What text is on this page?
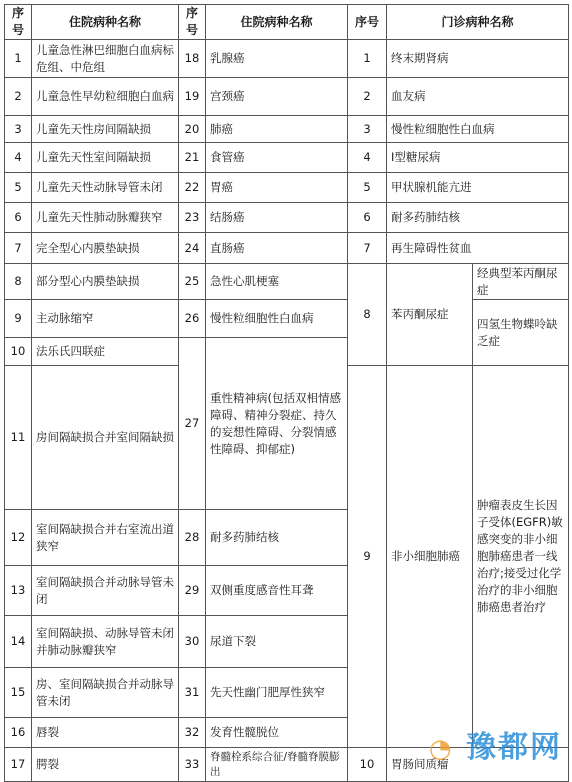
序号	住院病种名称	序号	住院病种名称	序号	门诊病种名称	
1	儿童急性淋巴细胞白血病标危组、中危组	18	乳腺癌	1	终末期肾病	
2	儿童急性早幼粒细胞白血病	19	宫颈癌	2	血友病	
3	儿童先天性房间隔缺损	20	肺癌	3	慢性粒细胞性白血病	
4	儿童先天性室间隔缺损	21	食管癌	4	I型糖尿病	
5	儿童先天性动脉导管未闭	22	胃癌	5	甲状腺机能亢进	
6	儿童先天性肺动脉瓣狭窄	23	结肠癌	6	耐多药肺结核	
7	完全型心内膜垫缺损	24	直肠癌	7	再生障碍性贫血	
8	部分型心内膜垫缺损	25	急性心肌梗塞	8	苯丙酮尿症	经典型苯丙酮尿症
9	主动脉缩窄	26	慢性粒细胞性白血病			四氢生物蝶呤缺乏症
10	法乐氏四联症	27	重性精神病(包括双相情感障碍、精神分裂症、持久的妄想性障碍、分裂情感性障碍、抑郁症)			
11	房间隔缺损合并室间隔缺损			9	非小细胞肺癌	肿瘤表皮生长因子受体(EGFR)敏感突变的非小细胞肺癌患者一线治疗;接受过化学治疗的非小细胞肺癌患者治疗
12	室间隔缺损合并右室流出道狭窄	28	耐多药肺结核			
13	室间隔缺损合并动脉导管未闭	29	双侧重度感音性耳聋			
14	室间隔缺损、动脉导管未闭并肺动脉瓣狭窄	30	尿道下裂			
15	房、室间隔缺损合并动脉导管未闭	31	先天性幽门肥厚性狭窄			
16	唇裂	32	发育性髋脱位			
17	腭裂	33	脊髓栓系综合征/脊髓脊膜膨出	10	胃肠间质瘤	
◔ 豫都网
